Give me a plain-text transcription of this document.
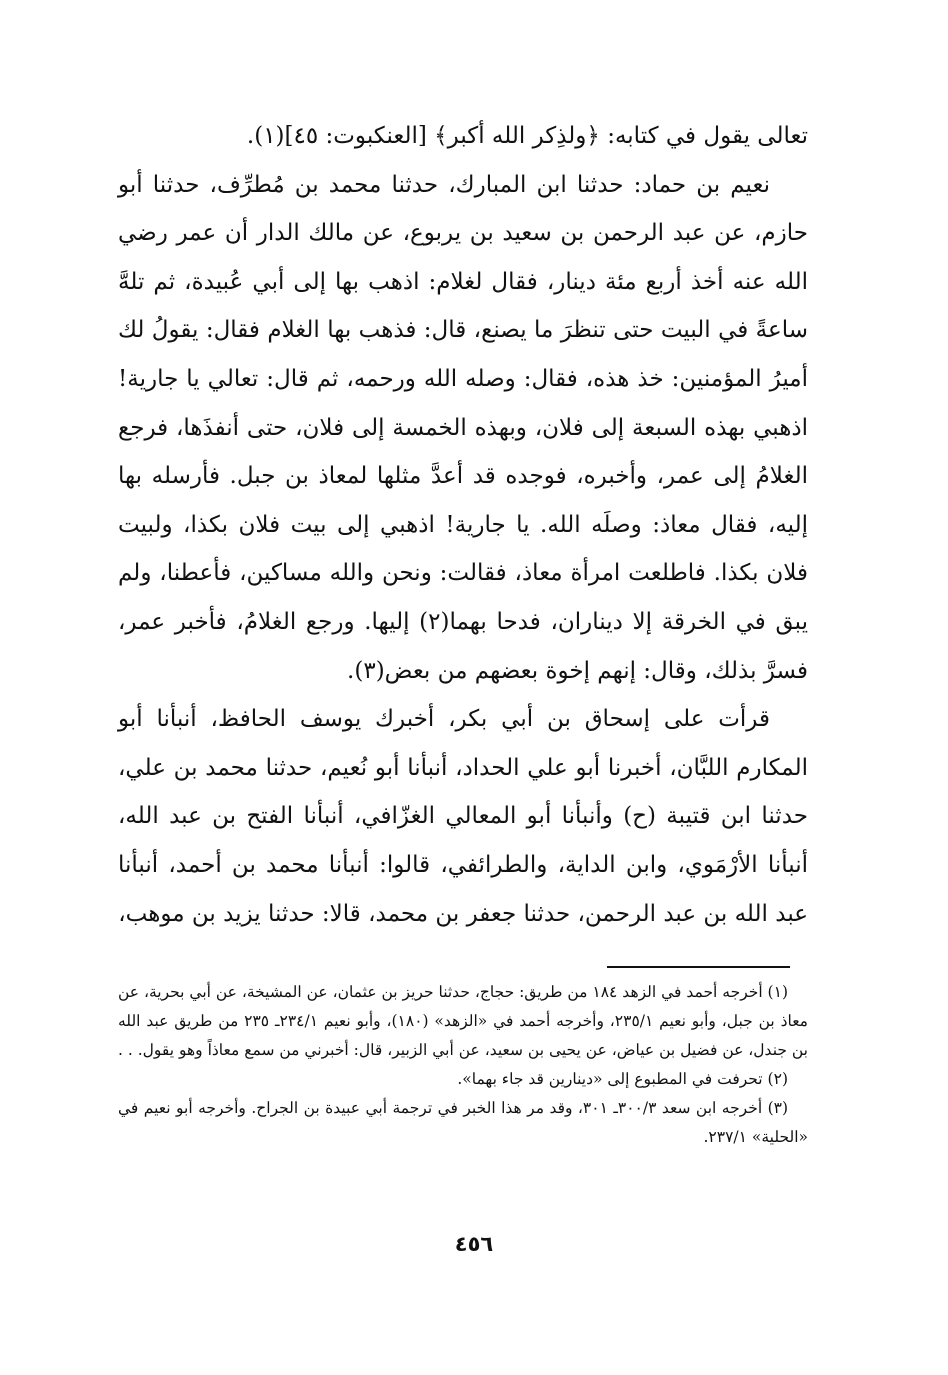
تعالى يقول في كتابه: ﴿ولذِكر الله أكبر﴾ [العنكبوت: ٤٥](١).

نعيم بن حماد: حدثنا ابن المبارك، حدثنا محمد بن مُطرِّف، حدثنا أبو حازم، عن عبد الرحمن بن سعيد بن يربوع، عن مالك الدار أن عمر رضي الله عنه أخذ أربع مئة دينار، فقال لغلام: اذهب بها إلى أبي عُبيدة، ثم تلهَّ ساعةً في البيت حتى تنظرَ ما يصنع، قال: فذهب بها الغلام فقال: يقولُ لك أميرُ المؤمنين: خذ هذه، فقال: وصله الله ورحمه، ثم قال: تعالي يا جارية! اذهبي بهذه السبعة إلى فلان، وبهذه الخمسة إلى فلان، حتى أنفذَها، فرجع الغلامُ إلى عمر، وأخبره، فوجده قد أعدَّ مثلها لمعاذ بن جبل. فأرسله بها إليه، فقال معاذ: وصلَه الله. يا جارية! اذهبي إلى بيت فلان بكذا، ولبيت فلان بكذا. فاطلعت امرأة معاذ، فقالت: ونحن والله مساكين، فأعطنا، ولم يبق في الخرقة إلا ديناران، فدحا بهما(٢) إليها. ورجع الغلامُ، فأخبر عمر، فسرَّ بذلك، وقال: إنهم إخوة بعضهم من بعض(٣).

قرأت على إسحاق بن أبي بكر، أخبرك يوسف الحافظ، أنبأنا أبو المكارم اللبَّان، أخبرنا أبو علي الحداد، أنبأنا أبو نُعيم، حدثنا محمد بن علي، حدثنا ابن قتيبة (ح) وأنبأنا أبو المعالي الغزّافي، أنبأنا الفتح بن عبد الله، أنبأنا الأرْمَوي، وابن الداية، والطرائفي، قالوا: أنبأنا محمد بن أحمد، أنبأنا عبد الله بن عبد الرحمن، حدثنا جعفر بن محمد، قالا: حدثنا يزيد بن موهب،

(١) أخرجه أحمد في الزهد ١٨٤ من طريق: حجاج، حدثنا حريز بن عثمان، عن المشيخة، عن أبي بحرية، عن معاذ بن جبل، وأبو نعيم ٢٣٥/١، وأخرجه أحمد في «الزهد» (١٨٠)، وأبو نعيم ٢٣٤/١ـ ٢٣٥ من طريق عبد الله بن جندل، عن فضيل بن عياض، عن يحيى بن سعيد، عن أبي الزبير، قال: أخبرني من سمع معاذاً وهو يقول. . .

(٢) تحرفت في المطبوع إلى «دينارين قد جاء بهما».

(٣) أخرجه ابن سعد ٣٠٠/٣ـ ٣٠١، وقد مر هذا الخبر في ترجمة أبي عبيدة بن الجراح. وأخرجه أبو نعيم في «الحلية» ٢٣٧/١.

٤٥٦
